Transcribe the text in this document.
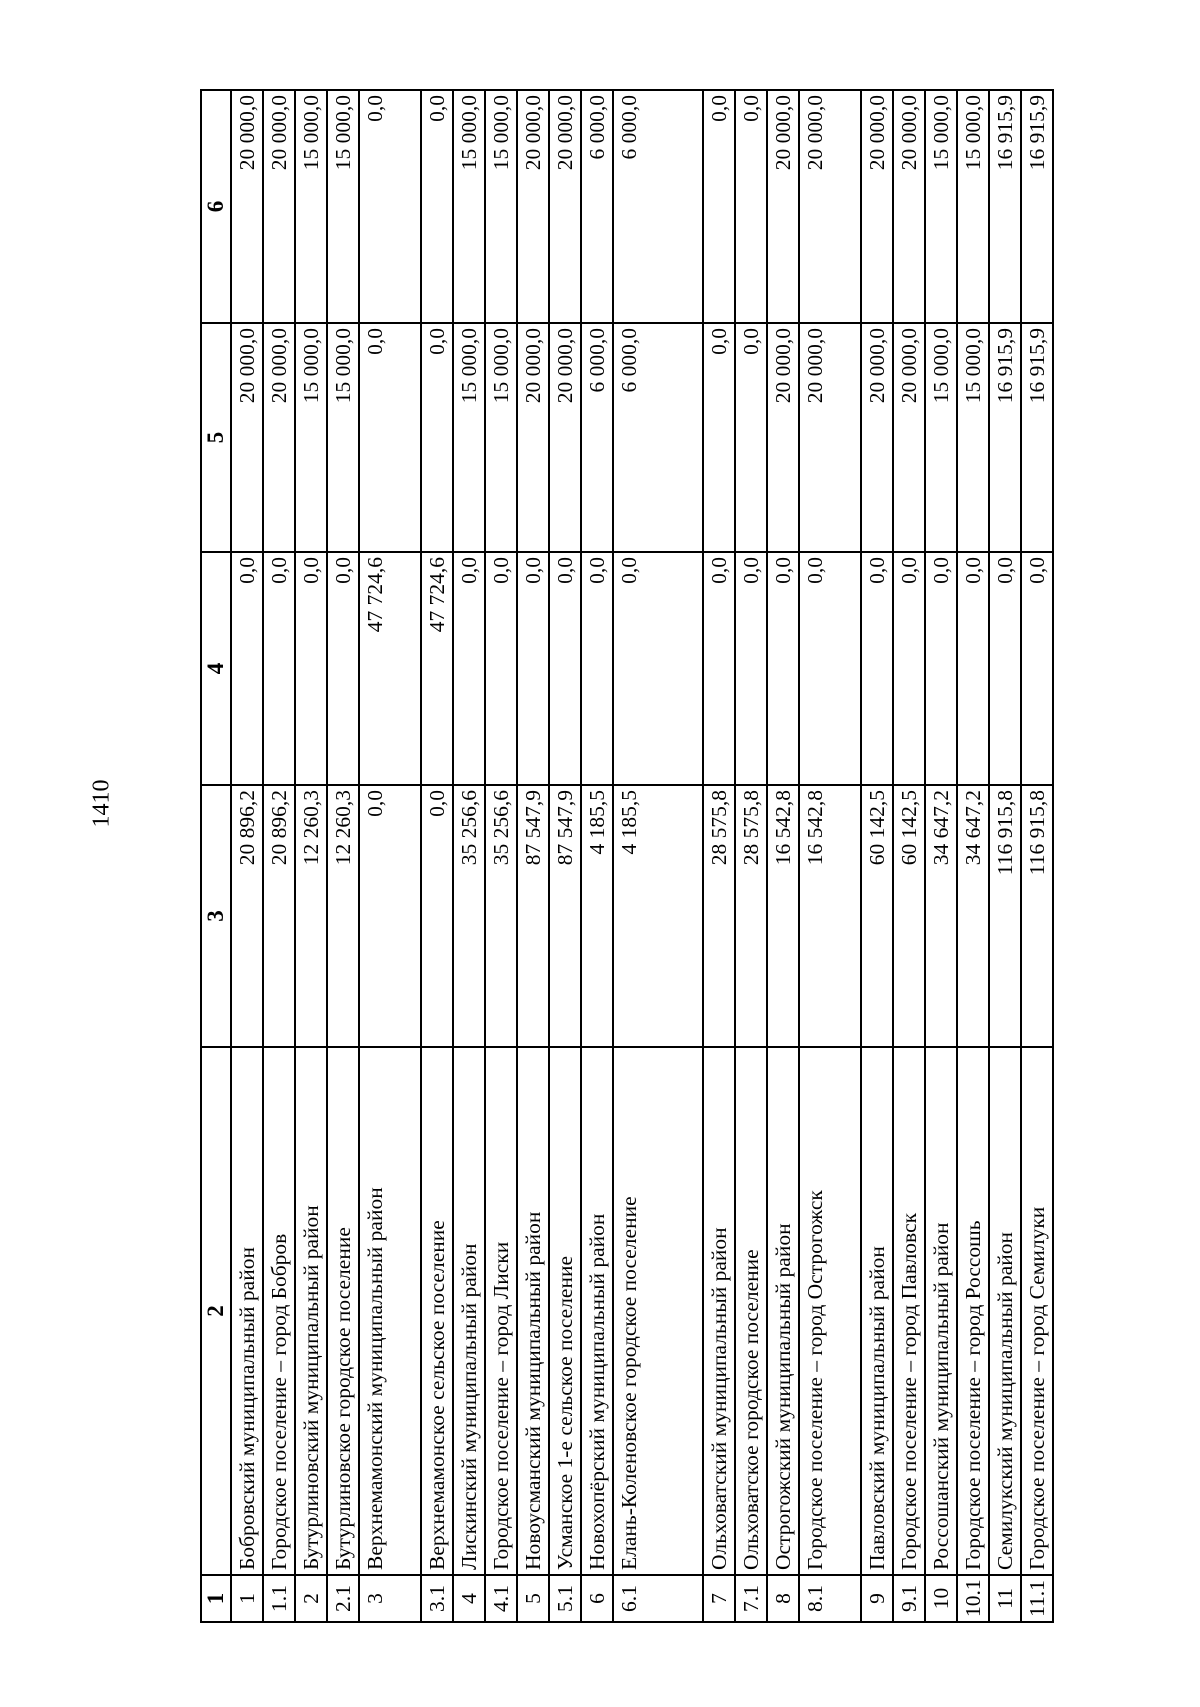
1410
1	2	3	4	5	6
1	Бобровский муниципальный район	20 896,2	0,0	20 000,0	20 000,0
1.1	Городское поселение – город Бобров	20 896,2	0,0	20 000,0	20 000,0
2	Бутурлиновский муниципальный район	12 260,3	0,0	15 000,0	15 000,0
2.1	Бутурлиновское городское поселение	12 260,3	0,0	15 000,0	15 000,0
3	Верхнемамонский муниципальный район	0,0	47 724,6	0,0	0,0
3.1	Верхнемамонское сельское поселение	0,0	47 724,6	0,0	0,0
4	Лискинский муниципальный район	35 256,6	0,0	15 000,0	15 000,0
4.1	Городское поселение – город Лиски	35 256,6	0,0	15 000,0	15 000,0
5	Новоусманский муниципальный район	87 547,9	0,0	20 000,0	20 000,0
5.1	Усманское 1-е сельское поселение	87 547,9	0,0	20 000,0	20 000,0
6	Новохопёрский муниципальный район	4 185,5	0,0	6 000,0	6 000,0
6.1	Елань-Коленовское городское поселение	4 185,5	0,0	6 000,0	6 000,0
7	Ольховатский муниципальный район	28 575,8	0,0	0,0	0,0
7.1	Ольховатское городское поселение	28 575,8	0,0	0,0	0,0
8	Острогожский муниципальный район	16 542,8	0,0	20 000,0	20 000,0
8.1	Городское поселение – город Острогожск	16 542,8	0,0	20 000,0	20 000,0
9	Павловский муниципальный район	60 142,5	0,0	20 000,0	20 000,0
9.1	Городское поселение – город Павловск	60 142,5	0,0	20 000,0	20 000,0
10	Россошанский муниципальный район	34 647,2	0,0	15 000,0	15 000,0
10.1	Городское поселение – город Россошь	34 647,2	0,0	15 000,0	15 000,0
11	Семилукский муниципальный район	116 915,8	0,0	16 915,9	16 915,9
11.1	Городское поселение – город Семилуки	116 915,8	0,0	16 915,9	16 915,9
